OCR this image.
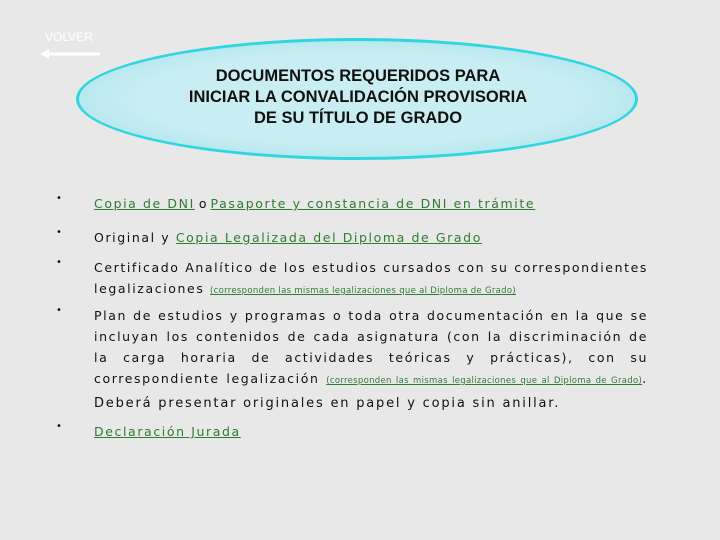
VOLVER
DOCUMENTOS REQUERIDOS PARA
INICIAR LA CONVALIDACIÓN PROVISORIA
DE SU TÍTULO DE GRADO
•	Copia de DNI o Pasaporte y constancia de DNI en trámite
•	Original y Copia Legalizada del Diploma de Grado
•	Certificado Analítico de los estudios cursados con su correspondientes legalizaciones (corresponden las mismas legalizaciones que al Diploma de Grado)
•	Plan de estudios y programas o toda otra documentación en la que se incluyan los contenidos de cada asignatura (con la discriminación de la carga horaria de actividades teóricas y prácticas), con su correspondiente legalización (corresponden las mismas legalizaciones que al Diploma de Grado). Deberá presentar originales en papel y copia sin anillar.
•	Declaración Jurada
